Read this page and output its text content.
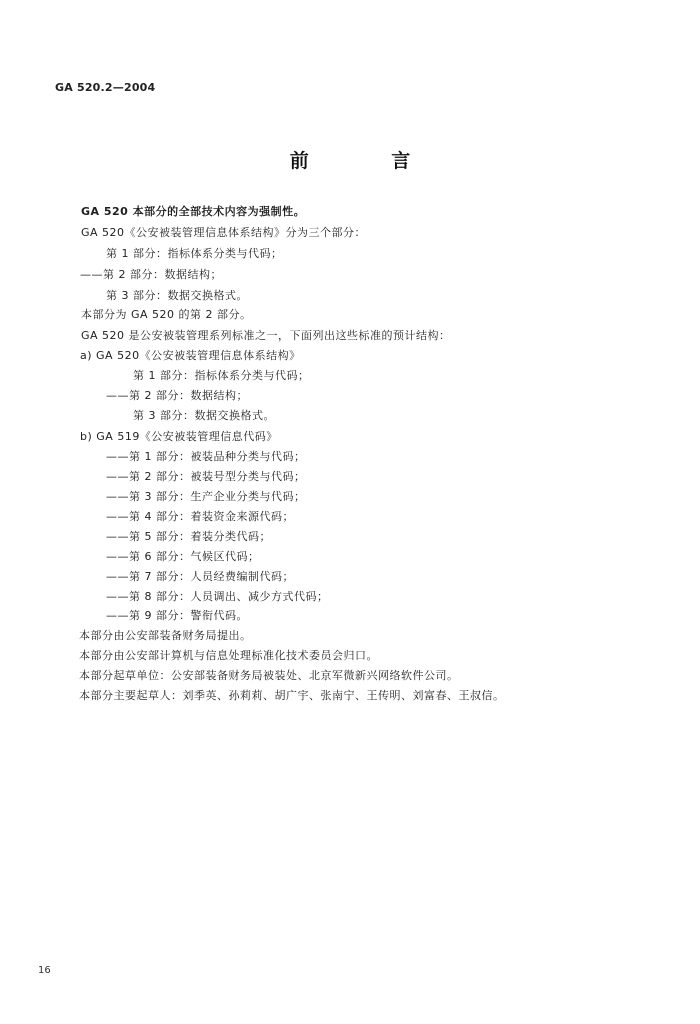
GA 520.2—2004
前 言
GA 520 本部分的全部技术内容为强制性。
GA 520《公安被装管理信息体系结构》分为三个部分：
第 1 部分：指标体系分类与代码；
——第 2 部分：数据结构；
第 3 部分：数据交换格式。
本部分为 GA 520 的第 2 部分。
GA 520 是公安被装管理系列标准之一，下面列出这些标准的预计结构：
a) GA 520《公安被装管理信息体系结构》
第 1 部分：指标体系分类与代码；
——第 2 部分：数据结构；
第 3 部分：数据交换格式。
b) GA 519《公安被装管理信息代码》
——第 1 部分：被装品种分类与代码；
——第 2 部分：被装号型分类与代码；
——第 3 部分：生产企业分类与代码；
——第 4 部分：着装资金来源代码；
——第 5 部分：着装分类代码；
——第 6 部分：气候区代码；
——第 7 部分：人员经费编制代码；
——第 8 部分：人员调出、减少方式代码；
——第 9 部分：警衔代码。
本部分由公安部装备财务局提出。
本部分由公安部计算机与信息处理标准化技术委员会归口。
本部分起草单位：公安部装备财务局被装处、北京军微新兴网络软件公司。
本部分主要起草人：刘季英、孙莉莉、胡广宇、张南宁、王传明、刘富春、王叔信。
16
